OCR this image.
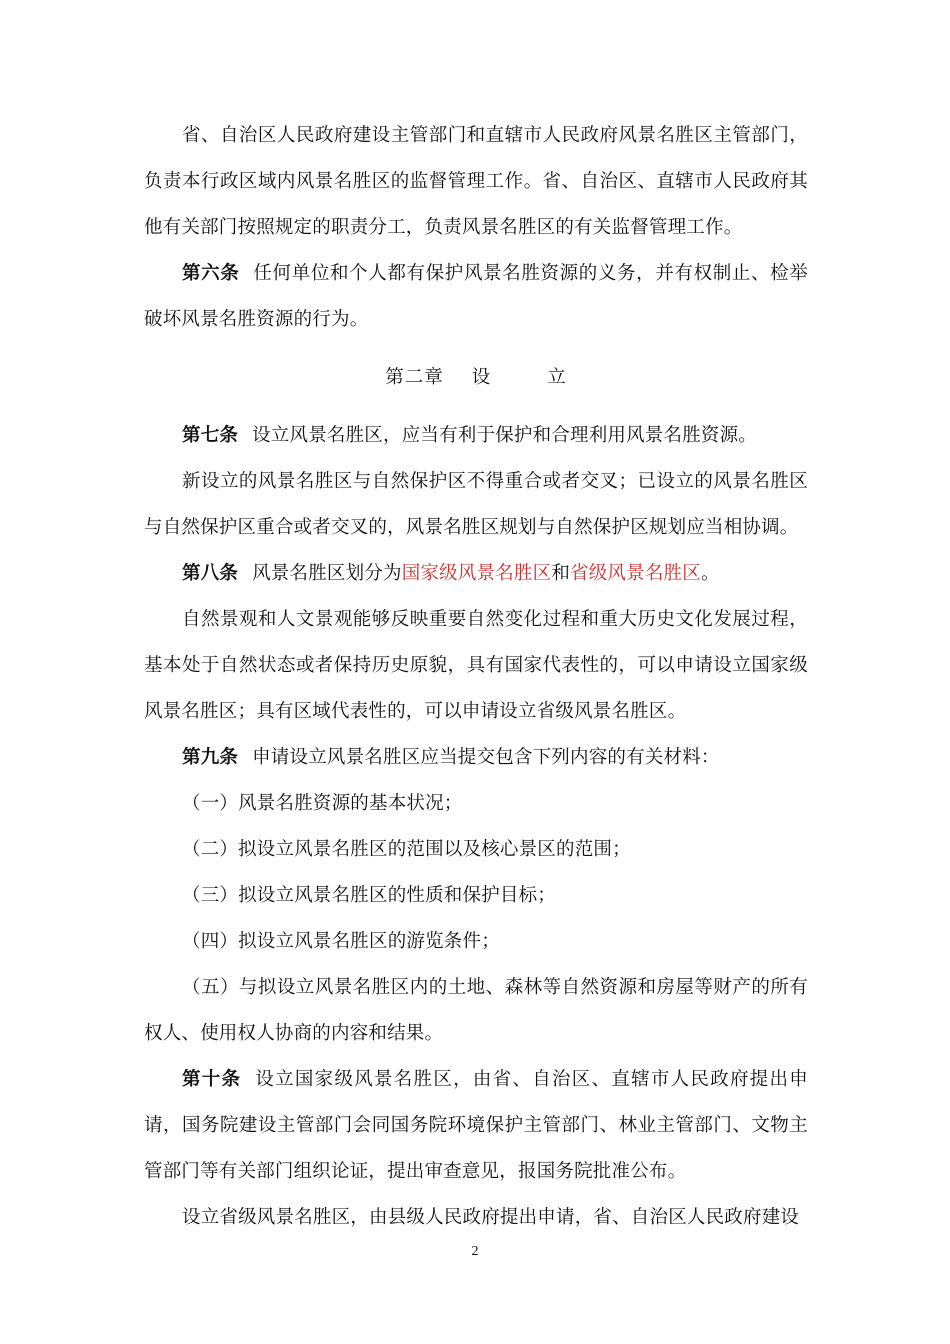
省、自治区人民政府建设主管部门和直辖市人民政府风景名胜区主管部门，负责本行政区域内风景名胜区的监督管理工作。省、自治区、直辖市人民政府其他有关部门按照规定的职责分工，负责风景名胜区的有关监督管理工作。

第六条 任何单位和个人都有保护风景名胜资源的义务，并有权制止、检举破坏风景名胜资源的行为。

第二章 设	立

第七条 设立风景名胜区，应当有利于保护和合理利用风景名胜资源。

新设立的风景名胜区与自然保护区不得重合或者交叉；已设立的风景名胜区与自然保护区重合或者交叉的，风景名胜区规划与自然保护区规划应当相协调。

第八条 风景名胜区划分为国家级风景名胜区和省级风景名胜区。

自然景观和人文景观能够反映重要自然变化过程和重大历史文化发展过程，基本处于自然状态或者保持历史原貌，具有国家代表性的，可以申请设立国家级风景名胜区；具有区域代表性的，可以申请设立省级风景名胜区。

第九条 申请设立风景名胜区应当提交包含下列内容的有关材料：

（一）风景名胜资源的基本状况；

（二）拟设立风景名胜区的范围以及核心景区的范围；

（三）拟设立风景名胜区的性质和保护目标；

（四）拟设立风景名胜区的游览条件；

（五）与拟设立风景名胜区内的土地、森林等自然资源和房屋等财产的所有权人、使用权人协商的内容和结果。

第十条 设立国家级风景名胜区，由省、自治区、直辖市人民政府提出申请，国务院建设主管部门会同国务院环境保护主管部门、林业主管部门、文物主管部门等有关部门组织论证，提出审查意见，报国务院批准公布。

设立省级风景名胜区，由县级人民政府提出申请，省、自治区人民政府建设

2
